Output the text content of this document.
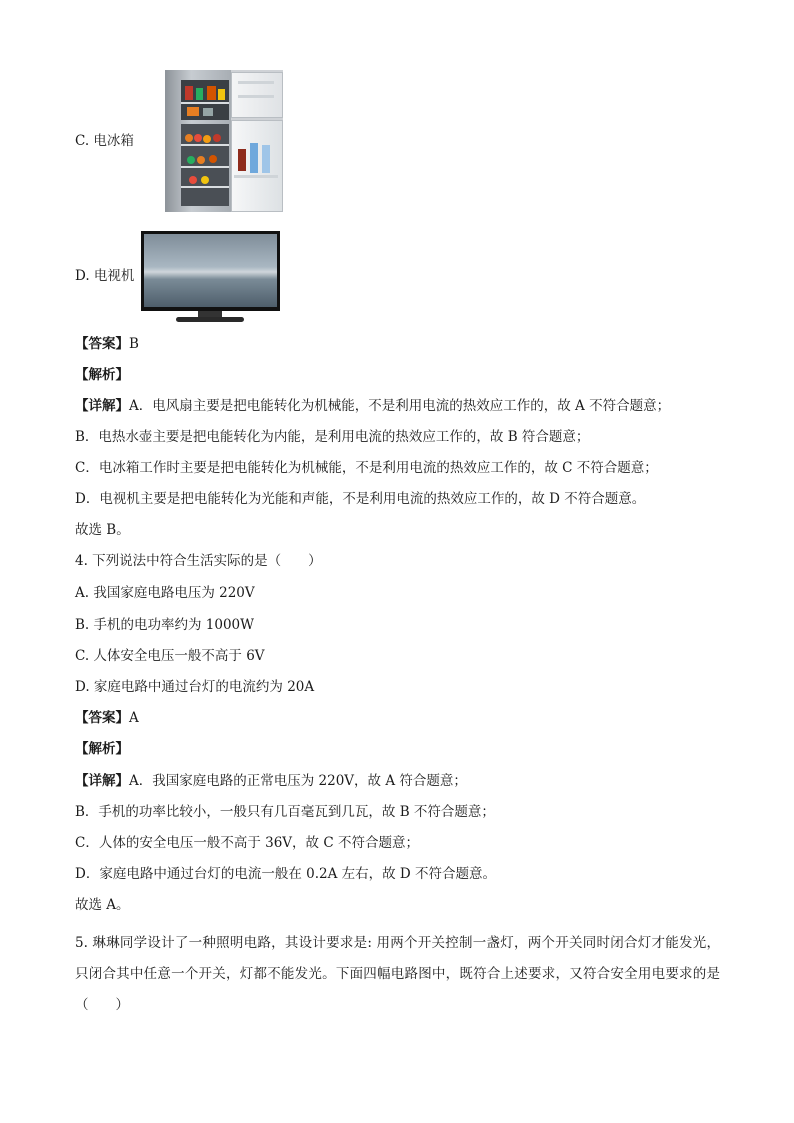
C. 电冰箱
D. 电视机
【答案】B
【解析】
【详解】A．电风扇主要是把电能转化为机械能，不是利用电流的热效应工作的，故 A 不符合题意；
B．电热水壶主要是把电能转化为内能，是利用电流的热效应工作的，故 B 符合题意；
C．电冰箱工作时主要是把电能转化为机械能，不是利用电流的热效应工作的，故 C 不符合题意；
D．电视机主要是把电能转化为光能和声能，不是利用电流的热效应工作的，故 D 不符合题意。
故选 B。
4. 下列说法中符合生活实际的是（　　）
A. 我国家庭电路电压为 220V
B. 手机的电功率约为 1000W
C. 人体安全电压一般不高于 6V
D. 家庭电路中通过台灯的电流约为 20A
【答案】A
【解析】
【详解】A．我国家庭电路的正常电压为 220V，故 A 符合题意；
B．手机的功率比较小，一般只有几百毫瓦到几瓦，故 B 不符合题意；
C．人体的安全电压一般不高于 36V，故 C 不符合题意；
D．家庭电路中通过台灯的电流一般在 0.2A 左右，故 D 不符合题意。
故选 A。
5. 琳琳同学设计了一种照明电路，其设计要求是: 用两个开关控制一盏灯，两个开关同时闭合灯才能发光，只闭合其中任意一个开关，灯都不能发光。下面四幅电路图中，既符合上述要求，又符合安全用电要求的是（　　）
